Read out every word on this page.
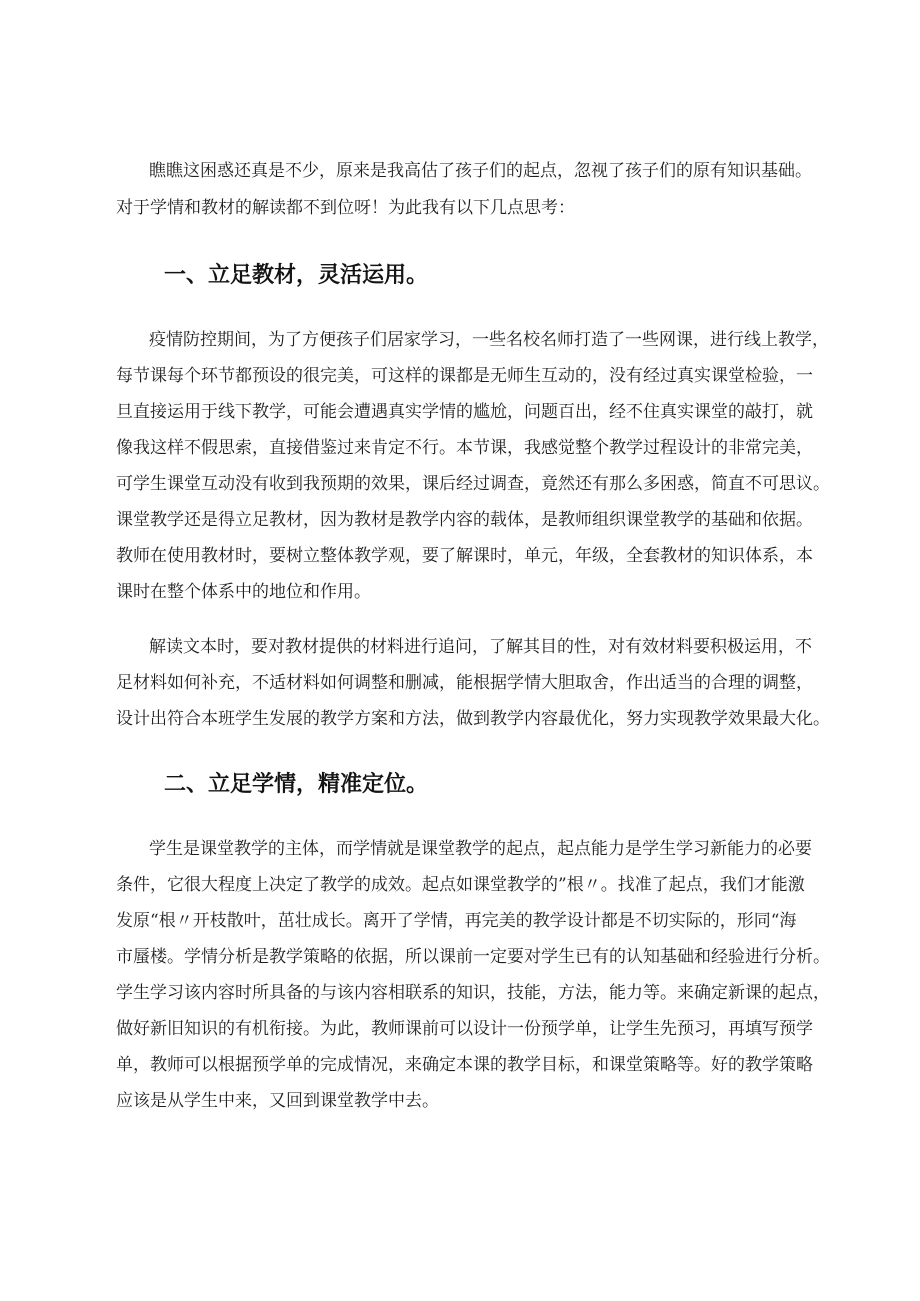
瞧瞧这困惑还真是不少，原来是我高估了孩子们的起点，忽视了孩子们的原有知识基础。

对于学情和教材的解读都不到位呀！为此我有以下几点思考：

一、立足教材，灵活运用。

疫情防控期间，为了方便孩子们居家学习，一些名校名师打造了一些网课，进行线上教学，

每节课每个环节都预设的很完美，可这样的课都是无师生互动的，没有经过真实课堂检验，一

旦直接运用于线下教学，可能会遭遇真实学情的尴尬，问题百出，经不住真实课堂的敲打，就

像我这样不假思索，直接借鉴过来肯定不行。本节课，我感觉整个教学过程设计的非常完美，

可学生课堂互动没有收到我预期的效果，课后经过调查，竟然还有那么多困惑，简直不可思议。

课堂教学还是得立足教材，因为教材是教学内容的载体，是教师组织课堂教学的基础和依据。

教师在使用教材时，要树立整体教学观，要了解课时，单元，年级，全套教材的知识体系，本

课时在整个体系中的地位和作用。

解读文本时，要对教材提供的材料进行追问，了解其目的性，对有效材料要积极运用，不

足材料如何补充，不适材料如何调整和删减，能根据学情大胆取舍，作出适当的合理的调整，

设计出符合本班学生发展的教学方案和方法，做到教学内容最优化，努力实现教学效果最大化。

二、立足学情，精准定位。

学生是课堂教学的主体，而学情就是课堂教学的起点，起点能力是学生学习新能力的必要

条件，它很大程度上决定了教学的成效。起点如课堂教学的”根〃。找准了起点，我们才能激

发原“根〃开枝散叶，茁壮成长。离开了学情，再完美的教学设计都是不切实际的，形同“海

市蜃楼。学情分析是教学策略的依据，所以课前一定要对学生已有的认知基础和经验进行分析。

学生学习该内容时所具备的与该内容相联系的知识，技能，方法，能力等。来确定新课的起点，

做好新旧知识的有机衔接。为此，教师课前可以设计一份预学单，让学生先预习，再填写预学

单，教师可以根据预学单的完成情况，来确定本课的教学目标，和课堂策略等。好的教学策略

应该是从学生中来，又回到课堂教学中去。
